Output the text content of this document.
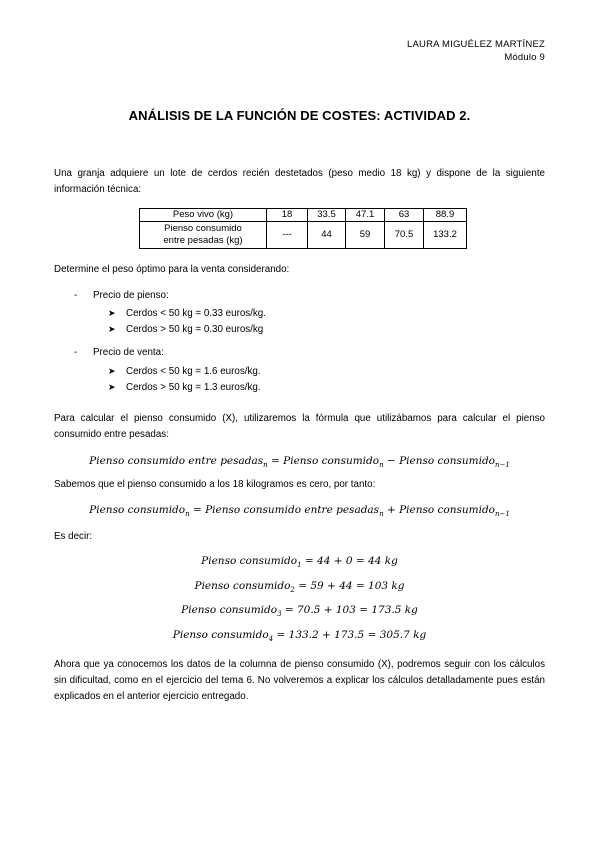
LAURA MIGUÉLEZ MARTÍNEZ
Módulo 9
ANÁLISIS DE LA FUNCIÓN DE COSTES: ACTIVIDAD 2.
Una granja adquiere un lote de cerdos recién destetados (peso medio 18 kg) y dispone de la siguiente información técnica:
Peso vivo (kg)	18	33.5	47.1	63	88.9

Pienso consumido
entre pesadas (kg)	---	44	59	70.5	133.2
Determine el peso óptimo para la venta considerando:
- Precio de pienso:
➤ Cerdos < 50 kg = 0.33 euros/kg.
➤ Cerdos > 50 kg = 0.30 euros/kg
- Precio de venta:
➤ Cerdos < 50 kg = 1.6 euros/kg.
➤ Cerdos > 50 kg = 1.3 euros/kg.
Para calcular el pienso consumido (X), utilizaremos la fórmula que utilizábamos para calcular el pienso consumido entre pesadas:
Pienso consumido entre pesadas$_n$ = Pienso consumido$_n$ − Pienso consumido$_{n-1}$
Sabemos que el pienso consumido a los 18 kilogramos es cero, por tanto:
Pienso consumido$_n$ = Pienso consumido entre pesadas$_n$ + Pienso consumido$_{n-1}$
Es decir:
Pienso consumido$_1$ = 44 + 0 = 44 kg
Pienso consumido$_2$ = 59 + 44 = 103 kg
Pienso consumido$_3$ = 70.5 + 103 = 173.5 kg
Pienso consumido$_4$ = 133.2 + 173.5 = 305.7 kg
Ahora que ya conocemos los datos de la columna de pienso consumido (X), podremos seguir con los cálculos sin dificultad, como en el ejercicio del tema 6. No volveremos a explicar los cálculos detalladamente pues están explicados en el anterior ejercicio entregado.
